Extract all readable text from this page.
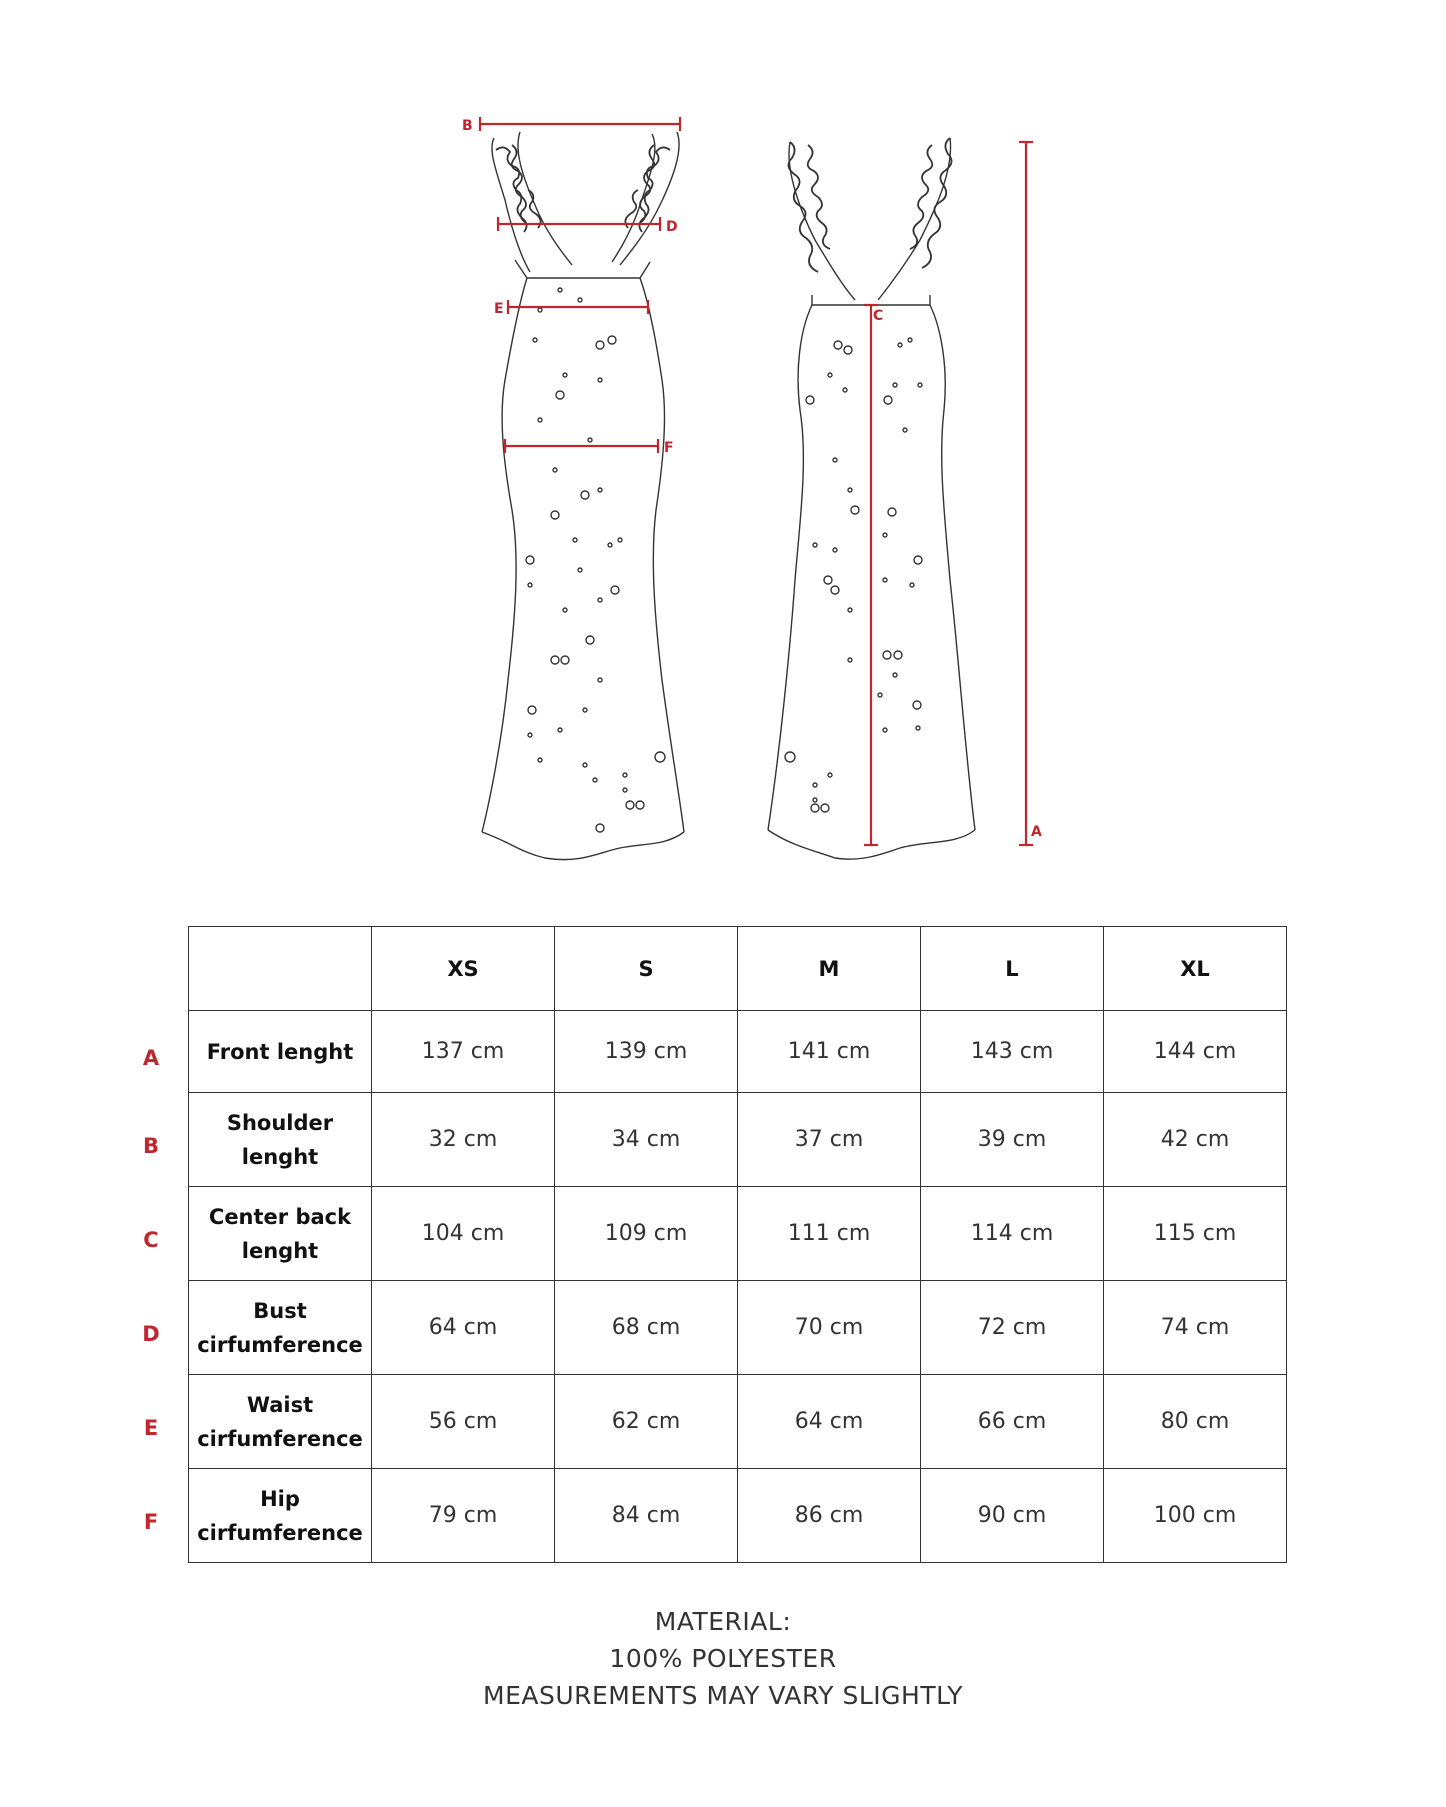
B
D
E
F
C
A
A
B
C
D
E
F
	XS	S	M	L	XL
Front lenght	137 cm	139 cm	141 cm	143 cm	144 cm
Shoulder lenght	32 cm	34 cm	37 cm	39 cm	42 cm
Center back lenght	104 cm	109 cm	111 cm	114 cm	115 cm
Bust cirfumference	64 cm	68 cm	70 cm	72 cm	74 cm
Waist cirfumference	56 cm	62 cm	64 cm	66 cm	80 cm
Hip cirfumference	79 cm	84 cm	86 cm	90 cm	100 cm
MATERIAL:
100% POLYESTER
MEASUREMENTS MAY VARY SLIGHTLY
